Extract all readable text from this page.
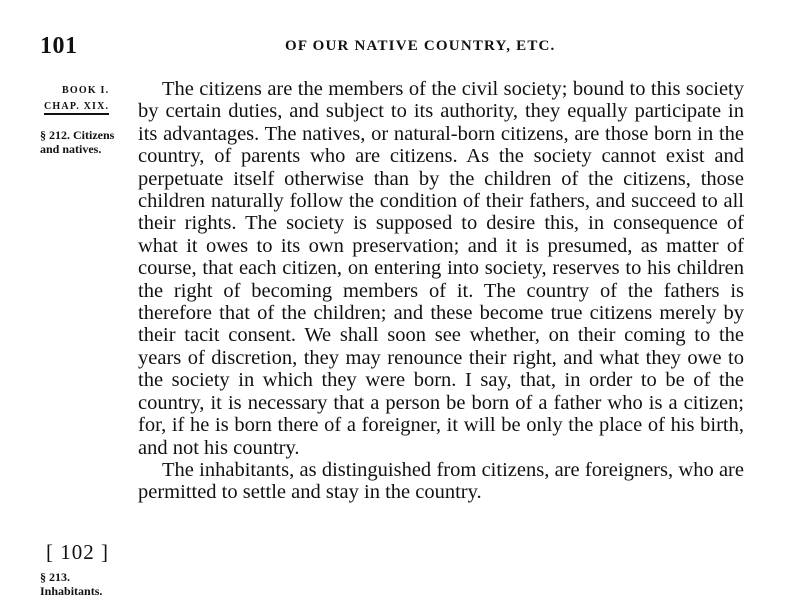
101	OF OUR NATIVE COUNTRY, ETC.
BOOK I.
CHAP. XIX.
§ 212. Citizens and natives.
[ 102 ]
§ 213. Inhabitants.

The citizens are the members of the civil society; bound to this society by certain duties, and subject to its authority, they equally participate in its advantages. The natives, or natural-born citizens, are those born in the country, of parents who are citizens. As the society cannot exist and perpetuate itself otherwise than by the children of the citizens, those children naturally follow the condition of their fathers, and succeed to all their rights. The society is supposed to desire this, in consequence of what it owes to its own preservation; and it is presumed, as matter of course, that each citizen, on entering into society, reserves to his children the right of becoming members of it. The country of the fathers is therefore that of the children; and these become true citizens merely by their tacit consent. We shall soon see whether, on their coming to the years of discretion, they may renounce their right, and what they owe to the society in which they were born. I say, that, in order to be of the country, it is necessary that a person be born of a father who is a citizen; for, if he is born there of a foreigner, it will be only the place of his birth, and not his country.

The inhabitants, as distinguished from citizens, are foreigners, who are permitted to settle and stay in the country.
